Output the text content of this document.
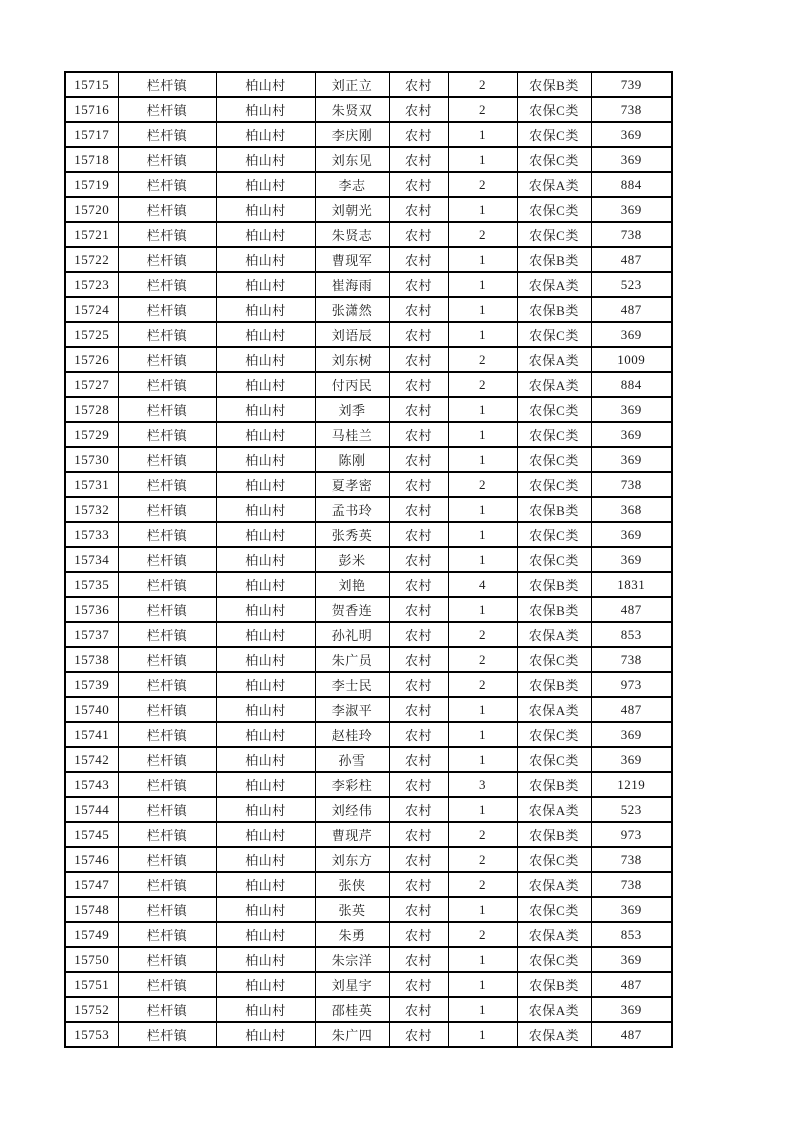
15715	栏杆镇	柏山村	刘正立	农村	2	农保B类	739
15716	栏杆镇	柏山村	朱贤双	农村	2	农保C类	738
15717	栏杆镇	柏山村	李庆刚	农村	1	农保C类	369
15718	栏杆镇	柏山村	刘东见	农村	1	农保C类	369
15719	栏杆镇	柏山村	李志	农村	2	农保A类	884
15720	栏杆镇	柏山村	刘朝光	农村	1	农保C类	369
15721	栏杆镇	柏山村	朱贤志	农村	2	农保C类	738
15722	栏杆镇	柏山村	曹现军	农村	1	农保B类	487
15723	栏杆镇	柏山村	崔海雨	农村	1	农保A类	523
15724	栏杆镇	柏山村	张潇然	农村	1	农保B类	487
15725	栏杆镇	柏山村	刘语辰	农村	1	农保C类	369
15726	栏杆镇	柏山村	刘东树	农村	2	农保A类	1009
15727	栏杆镇	柏山村	付丙民	农村	2	农保A类	884
15728	栏杆镇	柏山村	刘季	农村	1	农保C类	369
15729	栏杆镇	柏山村	马桂兰	农村	1	农保C类	369
15730	栏杆镇	柏山村	陈刚	农村	1	农保C类	369
15731	栏杆镇	柏山村	夏孝密	农村	2	农保C类	738
15732	栏杆镇	柏山村	孟书玲	农村	1	农保B类	368
15733	栏杆镇	柏山村	张秀英	农村	1	农保C类	369
15734	栏杆镇	柏山村	彭米	农村	1	农保C类	369
15735	栏杆镇	柏山村	刘艳	农村	4	农保B类	1831
15736	栏杆镇	柏山村	贺香连	农村	1	农保B类	487
15737	栏杆镇	柏山村	孙礼明	农村	2	农保A类	853
15738	栏杆镇	柏山村	朱广员	农村	2	农保C类	738
15739	栏杆镇	柏山村	李士民	农村	2	农保B类	973
15740	栏杆镇	柏山村	李淑平	农村	1	农保A类	487
15741	栏杆镇	柏山村	赵桂玲	农村	1	农保C类	369
15742	栏杆镇	柏山村	孙雪	农村	1	农保C类	369
15743	栏杆镇	柏山村	李彩柱	农村	3	农保B类	1219
15744	栏杆镇	柏山村	刘经伟	农村	1	农保A类	523
15745	栏杆镇	柏山村	曹现芹	农村	2	农保B类	973
15746	栏杆镇	柏山村	刘东方	农村	2	农保C类	738
15747	栏杆镇	柏山村	张侠	农村	2	农保A类	738
15748	栏杆镇	柏山村	张英	农村	1	农保C类	369
15749	栏杆镇	柏山村	朱勇	农村	2	农保A类	853
15750	栏杆镇	柏山村	朱宗洋	农村	1	农保C类	369
15751	栏杆镇	柏山村	刘星宇	农村	1	农保B类	487
15752	栏杆镇	柏山村	邵桂英	农村	1	农保A类	369
15753	栏杆镇	柏山村	朱广四	农村	1	农保A类	487
